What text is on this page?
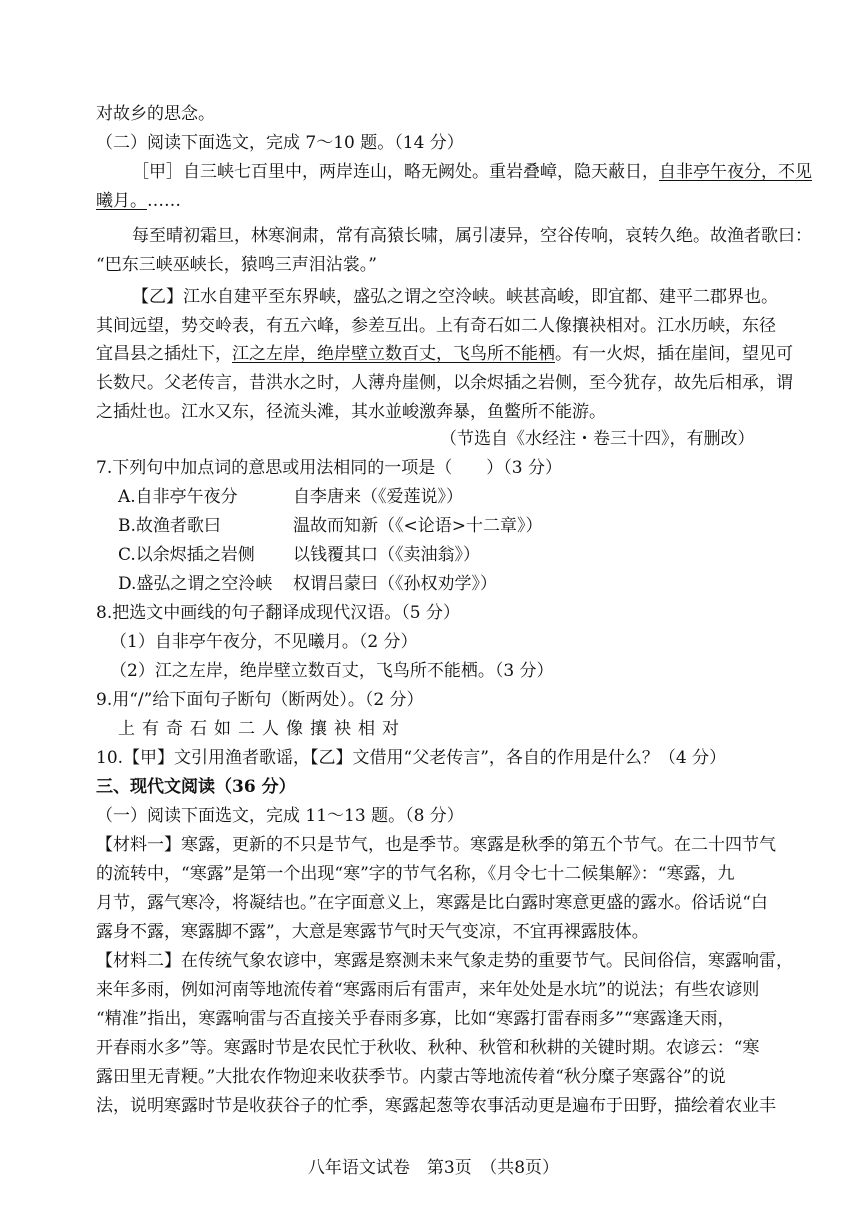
对故乡的思念。
（二）阅读下面选文，完成 7～10 题。（14 分）
［甲］自三峡七百里中，两岸连山，略无阙处。重岩叠嶂，隐天蔽日，自非亭午夜分，不见
曦月。……
每至晴初霜旦，林寒涧肃，常有高猿长啸，属引凄异，空谷传响，哀转久绝。故渔者歌曰：
“巴东三峡巫峡长，猿鸣三声泪沾裳。”
【乙】江水自建平至东界峡，盛弘之谓之空泠峡。峡甚高峻，即宜都、建平二郡界也。
其间远望，势交岭表，有五六峰，参差互出。上有奇石如二人像攘袂相对。江水历峡，东径
宜昌县之插灶下，江之左岸，绝岸壁立数百丈，飞鸟所不能栖。有一火烬，插在崖间，望见可
长数尺。父老传言，昔洪水之时，人薄舟崖侧，以余烬插之岩侧，至今犹存，故先后相承，谓
之插灶也。江水又东，径流头滩，其水並峻激奔暴，鱼鳖所不能游。
（节选自《水经注・卷三十四》，有删改）
7.下列句中加点词的意思或用法相同的一项是（　　）（3 分）
A.自非亭午夜分	自李唐来（《爱莲说》）
B.故渔者歌曰	温故而知新（《<论语>十二章》）
C.以余烬插之岩侧 以钱覆其口（《卖油翁》）
D.盛弘之谓之空泠峡 权谓吕蒙曰（《孙权劝学》）
8.把选文中画线的句子翻译成现代汉语。（5 分）
（1）自非亭午夜分，不见曦月。（2 分）
（2）江之左岸，绝岸壁立数百丈，飞鸟所不能栖。（3 分）
9.用“/”给下面句子断句（断两处）。（2 分）
上有奇石如二人像攘袂相对
10.【甲】文引用渔者歌谣，【乙】文借用“父老传言”，各自的作用是什么？（4 分）
三、现代文阅读（36 分）
（一）阅读下面选文，完成 11～13 题。（8 分）
【材料一】寒露，更新的不只是节气，也是季节。寒露是秋季的第五个节气。在二十四节气
的流转中，“寒露”是第一个出现“寒”字的节气名称，《月令七十二候集解》：“寒露，九
月节，露气寒冷，将凝结也。”在字面意义上，寒露是比白露时寒意更盛的露水。俗话说“白
露身不露，寒露脚不露”，大意是寒露节气时天气变凉，不宜再裸露肢体。
【材料二】在传统气象农谚中，寒露是察测未来气象走势的重要节气。民间俗信，寒露响雷，
来年多雨，例如河南等地流传着“寒露雨后有雷声，来年处处是水坑”的说法；有些农谚则
“精准”指出，寒露响雷与否直接关乎春雨多寡，比如“寒露打雷春雨多”“寒露逢天雨，
开春雨水多”等。寒露时节是农民忙于秋收、秋种、秋管和秋耕的关键时期。农谚云：“寒
露田里无青粳。”大批农作物迎来收获季节。内蒙古等地流传着“秋分糜子寒露谷”的说
法，说明寒露时节是收获谷子的忙季，寒露起葱等农事活动更是遍布于田野，描绘着农业丰
八年语文试卷　第3页　（共8页）
